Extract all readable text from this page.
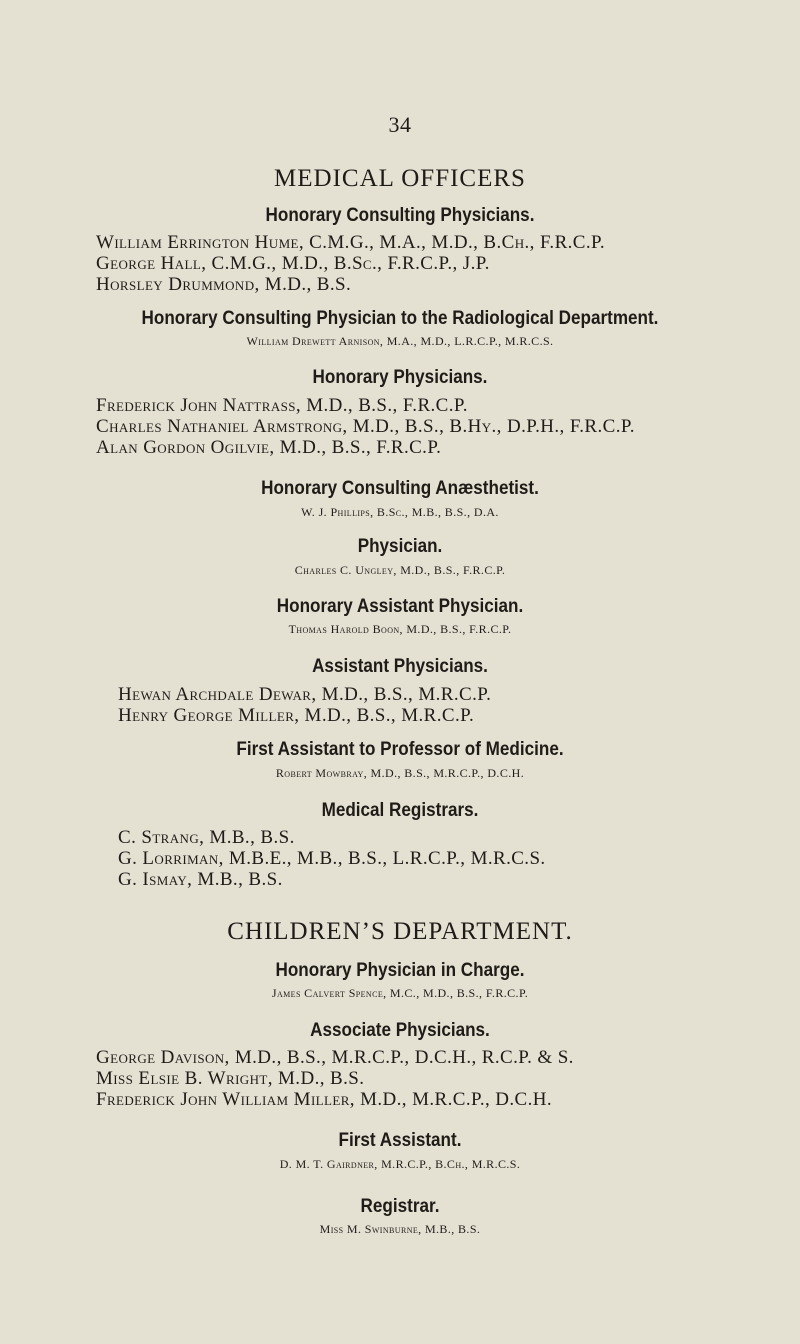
34
MEDICAL OFFICERS
Honorary Consulting Physicians.
William Errington Hume, C.M.G., M.A., M.D., B.Ch., F.R.C.P.
George Hall, C.M.G., M.D., B.Sc., F.R.C.P., J.P.
Horsley Drummond, M.D., B.S.
Honorary Consulting Physician to the Radiological Department.
William Drewett Arnison, M.A., M.D., L.R.C.P., M.R.C.S.
Honorary Physicians.
Frederick John Nattrass, M.D., B.S., F.R.C.P.
Charles Nathaniel Armstrong, M.D., B.S., B.Hy., D.P.H., F.R.C.P.
Alan Gordon Ogilvie, M.D., B.S., F.R.C.P.
Honorary Consulting Anæsthetist.
W. J. Phillips, B.Sc., M.B., B.S., D.A.
Physician.
Charles C. Ungley, M.D., B.S., F.R.C.P.
Honorary Assistant Physician.
Thomas Harold Boon, M.D., B.S., F.R.C.P.
Assistant Physicians.
Hewan Archdale Dewar, M.D., B.S., M.R.C.P.
Henry George Miller, M.D., B.S., M.R.C.P.
First Assistant to Professor of Medicine.
Robert Mowbray, M.D., B.S., M.R.C.P., D.C.H.
Medical Registrars.
C. Strang, M.B., B.S.
G. Lorriman, M.B.E., M.B., B.S., L.R.C.P., M.R.C.S.
G. Ismay, M.B., B.S.
CHILDREN’S DEPARTMENT.
Honorary Physician in Charge.
James Calvert Spence, M.C., M.D., B.S., F.R.C.P.
Associate Physicians.
George Davison, M.D., B.S., M.R.C.P., D.C.H., R.C.P. & S.
Miss Elsie B. Wright, M.D., B.S.
Frederick John William Miller, M.D., M.R.C.P., D.C.H.
First Assistant.
D. M. T. Gairdner, M.R.C.P., B.Ch., M.R.C.S.
Registrar.
Miss M. Swinburne, M.B., B.S.
